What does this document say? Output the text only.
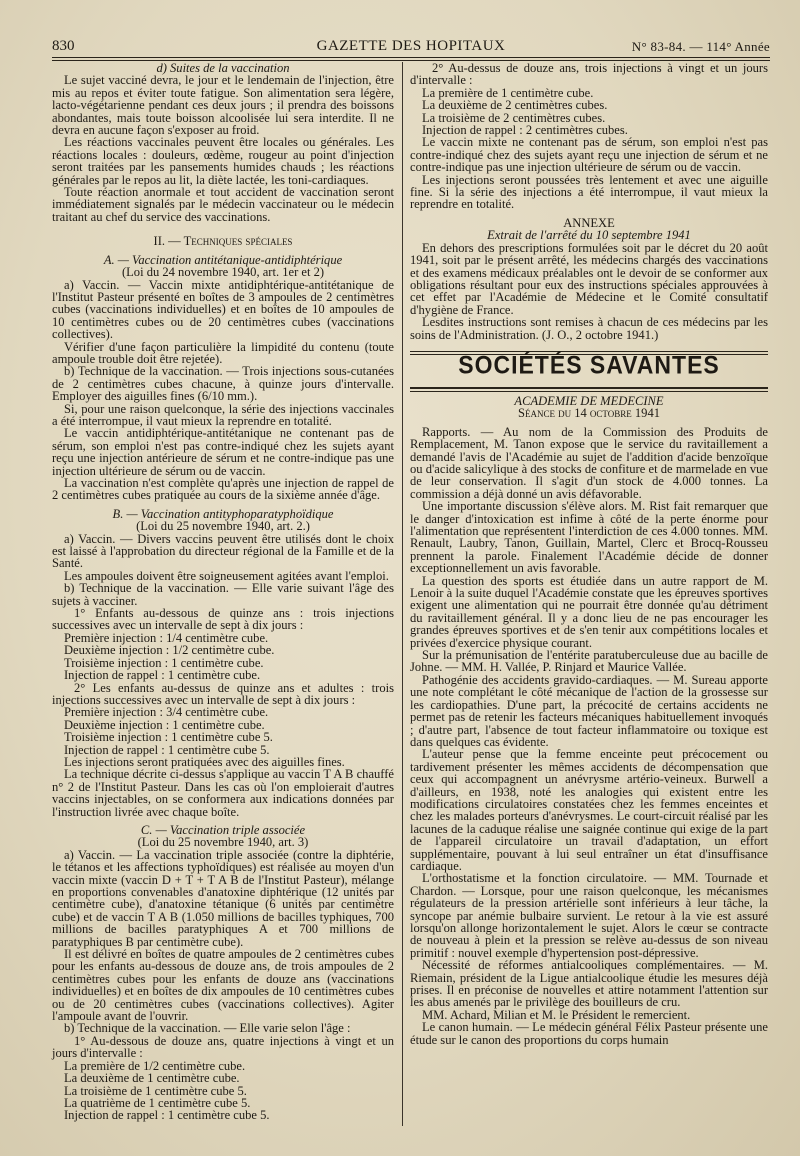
830	GAZETTE DES HOPITAUX	N° 83-84. — 114° Année

d) Suites de la vaccination

Le sujet vacciné devra, le jour et le lendemain de l'injection, être mis au repos et éviter toute fatigue. Son alimentation sera légère, lacto-végétarienne pendant ces deux jours ; il prendra des boissons abondantes, mais toute boisson alcoolisée lui sera interdite. Il ne devra en aucune façon s'exposer au froid.

Les réactions vaccinales peuvent être locales ou générales. Les réactions locales : douleurs, œdème, rougeur au point d'injection seront traitées par les pansements humides chauds ; les réactions générales par le repos au lit, la diète lactée, les toni-cardiaques.

Toute réaction anormale et tout accident de vaccination seront immédiatement signalés par le médecin vaccinateur ou le médecin traitant au chef du service des vaccinations.

II. — Techniques spéciales

A. — Vaccination antitétanique-antidiphtérique

(Loi du 24 novembre 1940, art. 1er et 2)

a) Vaccin. — Vaccin mixte antidiphtérique-antitétanique de l'Institut Pasteur présenté en boîtes de 3 ampoules de 2 centimètres cubes (vaccinations individuelles) et en boîtes de 10 ampoules de 10 centimètres cubes ou de 20 centimètres cubes (vaccinations collectives).

Vérifier d'une façon particulière la limpidité du contenu (toute ampoule trouble doit être rejetée).

b) Technique de la vaccination. — Trois injections sous-cutanées de 2 centimètres cubes chacune, à quinze jours d'intervalle. Employer des aiguilles fines (6/10 mm.).

Si, pour une raison quelconque, la série des injections vaccinales a été interrompue, il vaut mieux la reprendre en totalité.

Le vaccin antidiphtérique-antitétanique ne contenant pas de sérum, son emploi n'est pas contre-indiqué chez les sujets ayant reçu une injection antérieure de sérum et ne contre-indique pas une injection ultérieure de sérum ou de vaccin.

La vaccination n'est complète qu'après une injection de rappel de 2 centimètres cubes pratiquée au cours de la sixième année d'âge.

B. — Vaccination antityphoparatyphoïdique

(Loi du 25 novembre 1940, art. 2.)

a) Vaccin. — Divers vaccins peuvent être utilisés dont le choix est laissé à l'approbation du directeur régional de la Famille et de la Santé.

Les ampoules doivent être soigneusement agitées avant l'emploi.

b) Technique de la vaccination. — Elle varie suivant l'âge des sujets à vacciner.

1° Enfants au-dessous de quinze ans : trois injections successives avec un intervalle de sept à dix jours :

Première injection : 1/4 centimètre cube.

Deuxième injection : 1/2 centimètre cube.

Troisième injection : 1 centimètre cube.

Injection de rappel : 1 centimètre cube.

2° Les enfants au-dessus de quinze ans et adultes : trois injections successives avec un intervalle de sept à dix jours :

Première injection : 3/4 centimètre cube.

Deuxième injection : 1 centimètre cube.

Troisième injection : 1 centimètre cube 5.

Injection de rappel : 1 centimètre cube 5.

Les injections seront pratiquées avec des aiguilles fines.

La technique décrite ci-dessus s'applique au vaccin T A B chauffé n° 2 de l'Institut Pasteur. Dans les cas où l'on emploierait d'autres vaccins injectables, on se conformera aux indications données par l'instruction livrée avec chaque boîte.

C. — Vaccination triple associée

(Loi du 25 novembre 1940, art. 3)

a) Vaccin. — La vaccination triple associée (contre la diphtérie, le tétanos et les affections typhoïdiques) est réalisée au moyen d'un vaccin mixte (vaccin D + T + T A B de l'Institut Pasteur), mélange en proportions convenables d'anatoxine diphtérique (12 unités par centimètre cube), d'anatoxine tétanique (6 unités par centimètre cube) et de vaccin T A B (1.050 millions de bacilles typhiques, 700 millions de bacilles paratyphiques A et 700 millions de paratyphiques B par centimètre cube).

Il est délivré en boîtes de quatre ampoules de 2 centimètres cubes pour les enfants au-dessous de douze ans, de trois ampoules de 2 centimètres cubes pour les enfants de douze ans (vaccinations individuelles) et en boîtes de dix ampoules de 10 centimètres cubes ou de 20 centimètres cubes (vaccinations collectives). Agiter l'ampoule avant de l'ouvrir.

b) Technique de la vaccination. — Elle varie selon l'âge :

1° Au-dessous de douze ans, quatre injections à vingt et un jours d'intervalle :

La première de 1/2 centimètre cube.

La deuxième de 1 centimètre cube.

La troisième de 1 centimètre cube 5.

La quatrième de 1 centimètre cube 5.

Injection de rappel : 1 centimètre cube 5.

2° Au-dessus de douze ans, trois injections à vingt et un jours d'intervalle :

La première de 1 centimètre cube.

La deuxième de 2 centimètres cubes.

La troisième de 2 centimètres cubes.

Injection de rappel : 2 centimètres cubes.

Le vaccin mixte ne contenant pas de sérum, son emploi n'est pas contre-indiqué chez des sujets ayant reçu une injection de sérum et ne contre-indique pas une injection ultérieure de sérum ou de vaccin.

Les injections seront poussées très lentement et avec une aiguille fine. Si la série des injections a été interrompue, il vaut mieux la reprendre en totalité.

ANNEXE

Extrait de l'arrêté du 10 septembre 1941

En dehors des prescriptions formulées soit par le décret du 20 août 1941, soit par le présent arrêté, les médecins chargés des vaccinations et des examens médicaux préalables ont le devoir de se conformer aux obligations résultant pour eux des instructions spéciales approuvées à cet effet par l'Académie de Médecine et le Comité consultatif d'hygiène de France.

Lesdites instructions sont remises à chacun de ces médecins par les soins de l'Administration. (J. O., 2 octobre 1941.)

SOCIÉTÉS SAVANTES

ACADEMIE DE MEDECINE

Séance du 14 octobre 1941

Rapports. — Au nom de la Commission des Produits de Remplacement, M. Tanon expose que le service du ravitaillement a demandé l'avis de l'Académie au sujet de l'addition d'acide benzoïque ou d'acide salicylique à des stocks de confiture et de marmelade en vue de leur conservation. Il s'agit d'un stock de 4.000 tonnes. La commission a déjà donné un avis défavorable.

Une importante discussion s'élève alors. M. Rist fait remarquer que le danger d'intoxication est infime à côté de la perte énorme pour l'alimentation que représentent l'interdiction de ces 4.000 tonnes. MM. Renault, Laubry, Tanon, Guillain, Martel, Clerc et Brocq-Rousseu prennent la parole. Finalement l'Académie décide de donner exceptionnellement un avis favorable.

La question des sports est étudiée dans un autre rapport de M. Lenoir à la suite duquel l'Académie constate que les épreuves sportives exigent une alimentation qui ne pourrait être donnée qu'au détriment du ravitaillement général. Il y a donc lieu de ne pas encourager les grandes épreuves sportives et de s'en tenir aux compétitions locales et privées d'exercice physique courant.

Sur la prémunisation de l'entérite paratuberculeuse due au bacille de Johne. — MM. H. Vallée, P. Rinjard et Maurice Vallée.

Pathogénie des accidents gravido-cardiaques. — M. Sureau apporte une note complétant le côté mécanique de l'action de la grossesse sur les cardiopathies. D'une part, la précocité de certains accidents ne permet pas de retenir les facteurs mécaniques habituellement invoqués ; d'autre part, l'absence de tout facteur inflammatoire ou toxique est dans quelques cas évidente.

L'auteur pense que la femme enceinte peut précocement ou tardivement présenter les mêmes accidents de décompensation que ceux qui accompagnent un anévrysme artério-veineux. Burwell a d'ailleurs, en 1938, noté les analogies qui existent entre les modifications circulatoires constatées chez les femmes enceintes et chez les malades porteurs d'anévrysmes. Le court-circuit réalisé par les lacunes de la caduque réalise une saignée continue qui exige de la part de l'appareil circulatoire un travail d'adaptation, un effort supplémentaire, pouvant à lui seul entraîner un état d'insuffisance cardiaque.

L'orthostatisme et la fonction circulatoire. — MM. Tournade et Chardon. — Lorsque, pour une raison quelconque, les mécanismes régulateurs de la pression artérielle sont inférieurs à leur tâche, la syncope par anémie bulbaire survient. Le retour à la vie est assuré lorsqu'on allonge horizontalement le sujet. Alors le cœur se contracte de nouveau à plein et la pression se relève au-dessus de son niveau primitif : nouvel exemple d'hypertension post-dépressive.

Nécessité de réformes antialcooliques complémentaires. — M. Riemain, président de la Ligue antialcoolique étudie les mesures déjà prises. Il en préconise de nouvelles et attire notamment l'attention sur les abus amenés par le privilège des bouilleurs de cru.

MM. Achard, Milian et M. le Président le remercient.

Le canon humain. — Le médecin général Félix Pasteur présente une étude sur le canon des proportions du corps humain
